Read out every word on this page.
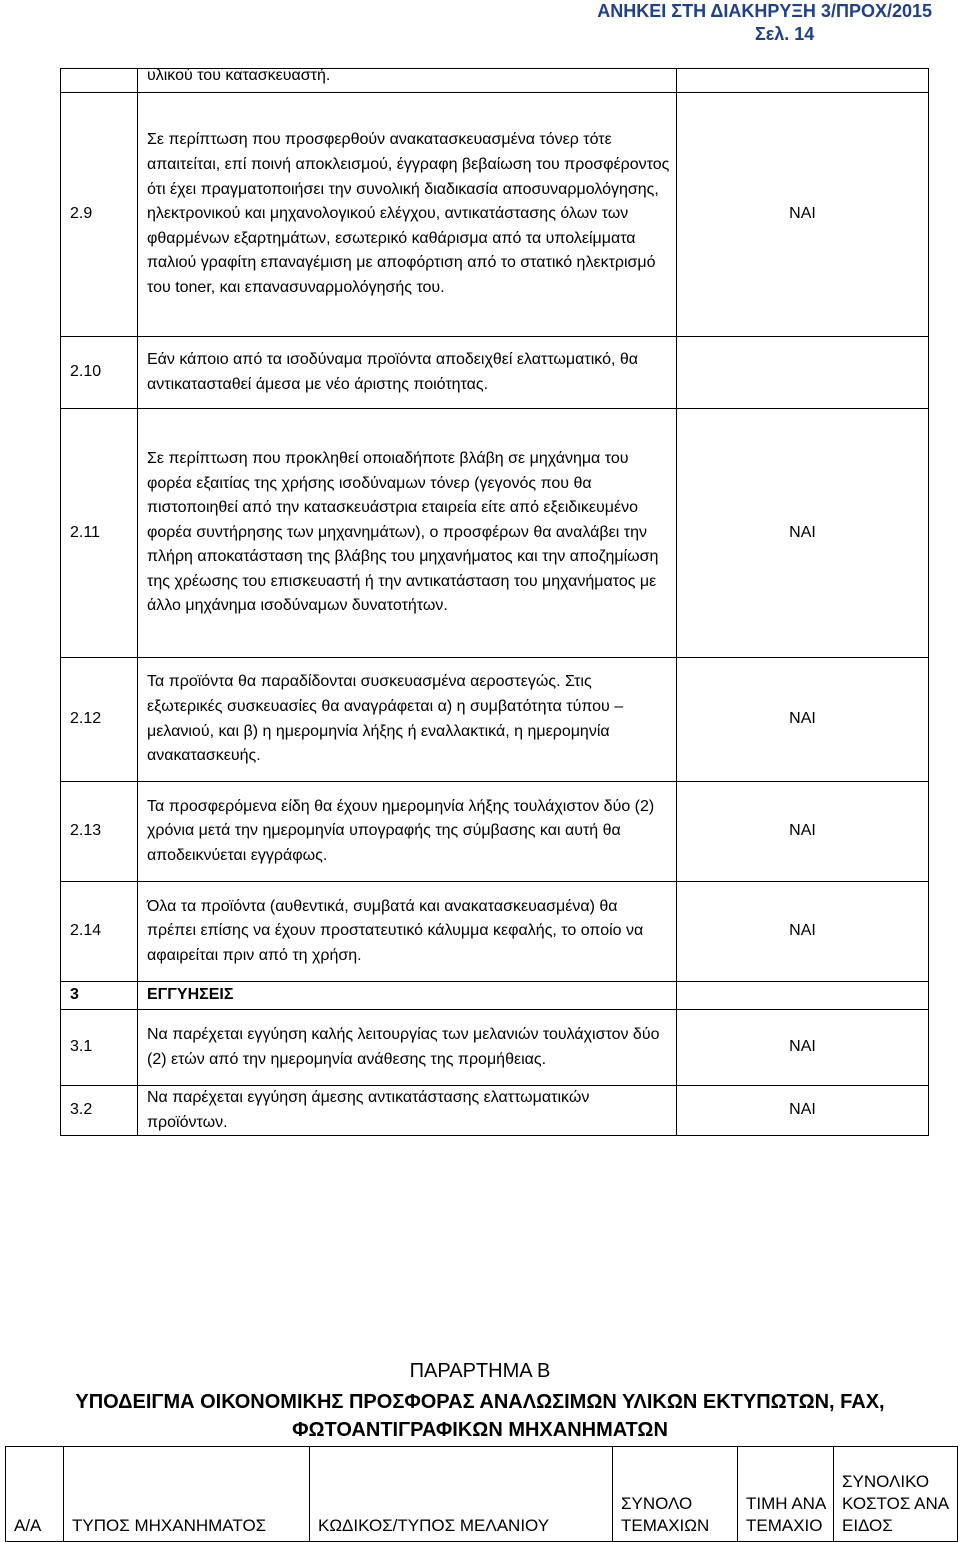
ΑΝΗΚΕΙ ΣΤΗ ΔΙΑΚΗΡΥΞΗ 3/ΠΡΟΧ/2015
Σελ. 14
	υλικού του κατασκευαστή.	
2.9	Σε περίπτωση που προσφερθούν ανακατασκευασμένα τόνερ τότε απαιτείται, επί ποινή αποκλεισμού, έγγραφη βεβαίωση του προσφέροντος ότι έχει πραγματοποιήσει την συνολική διαδικασία αποσυναρμολόγησης, ηλεκτρονικού και μηχανολογικού ελέγχου, αντικατάστασης όλων των φθαρμένων εξαρτημάτων, εσωτερικό καθάρισμα από τα υπολείμματα παλιού γραφίτη επαναγέμιση με αποφόρτιση από το στατικό ηλεκτρισμό του toner, και επανασυναρμολόγησής του.	ΝΑΙ
2.10	Εάν κάποιο από τα ισοδύναμα προϊόντα αποδειχθεί ελαττωματικό, θα αντικατασταθεί άμεσα με νέο άριστης ποιότητας.	
2.11	Σε περίπτωση που προκληθεί οποιαδήποτε βλάβη σε μηχάνημα του φορέα εξαιτίας της χρήσης ισοδύναμων τόνερ (γεγονός που θα πιστοποιηθεί από την κατασκευάστρια εταιρεία είτε από εξειδικευμένο φορέα συντήρησης των μηχανημάτων), ο προσφέρων θα αναλάβει την πλήρη αποκατάσταση της βλάβης του μηχανήματος και την αποζημίωση της χρέωσης του επισκευαστή ή την αντικατάσταση του μηχανήματος με άλλο μηχάνημα ισοδύναμων δυνατοτήτων.	ΝΑΙ
2.12	Τα προϊόντα θα παραδίδονται συσκευασμένα αεροστεγώς. Στις εξωτερικές συσκευασίες θα αναγράφεται α) η συμβατότητα τύπου – μελανιού, και β) η ημερομηνία λήξης ή εναλλακτικά, η ημερομηνία ανακατασκευής.	ΝΑΙ
2.13	Τα προσφερόμενα είδη θα έχουν ημερομηνία λήξης τουλάχιστον δύο (2) χρόνια μετά την ημερομηνία υπογραφής της σύμβασης και αυτή θα αποδεικνύεται εγγράφως.	ΝΑΙ
2.14	Όλα τα προϊόντα (αυθεντικά, συμβατά και ανακατασκευασμένα) θα πρέπει επίσης να έχουν προστατευτικό κάλυμμα κεφαλής, το οποίο να αφαιρείται πριν από τη χρήση.	ΝΑΙ
3	ΕΓΓΥΗΣΕΙΣ	
3.1	Να παρέχεται εγγύηση καλής λειτουργίας των μελανιών τουλάχιστον δύο (2) ετών από την ημερομηνία ανάθεσης της προμήθειας.	ΝΑΙ
3.2	Να παρέχεται εγγύηση άμεσης αντικατάστασης ελαττωματικών προϊόντων.	ΝΑΙ
ΠΑΡΑΡΤΗΜΑ Β
ΥΠΟΔΕΙΓΜΑ ΟΙΚΟΝΟΜΙΚΗΣ ΠΡΟΣΦΟΡΑΣ ΑΝΑΛΩΣΙΜΩΝ ΥΛΙΚΩΝ ΕΚΤΥΠΩΤΩΝ, FAX,
ΦΩΤΟΑΝΤΙΓΡΑΦΙΚΩΝ ΜΗΧΑΝΗΜΑΤΩΝ
Α/Α	ΤΥΠΟΣ ΜΗΧΑΝΗΜΑΤΟΣ	ΚΩΔΙΚΟΣ/ΤΥΠΟΣ ΜΕΛΑΝΙΟΥ	ΣΥΝΟΛΟ ΤΕΜΑΧΙΩΝ	ΤΙΜΗ ΑΝΑ ΤΕΜΑΧΙΟ	ΣΥΝΟΛΙΚΟ ΚΟΣΤΟΣ ΑΝΑ ΕΙΔΟΣ
